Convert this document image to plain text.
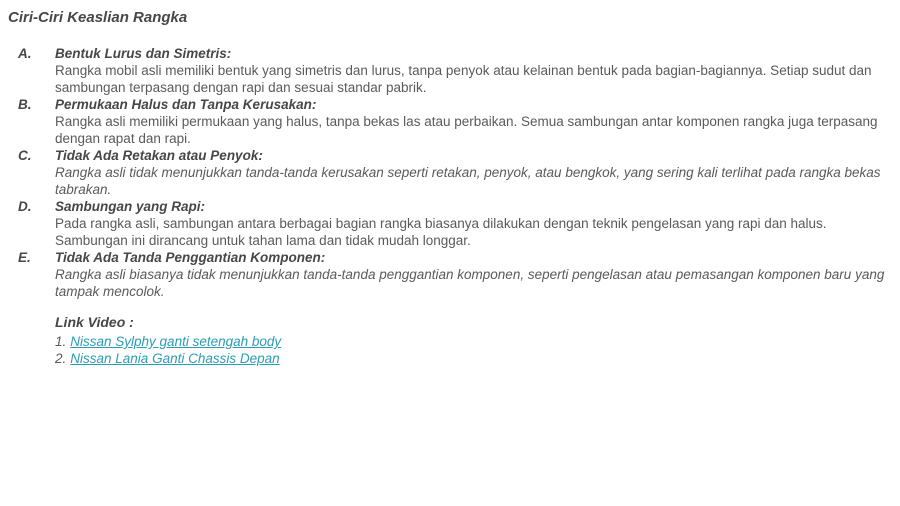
Ciri-Ciri Keaslian Rangka
A.	Bentuk Lurus dan Simetris:
Rangka mobil asli memiliki bentuk yang simetris dan lurus, tanpa penyok atau kelainan bentuk pada bagian-bagiannya. Setiap sudut dan sambungan terpasang dengan rapi dan sesuai standar pabrik.
B.	Permukaan Halus dan Tanpa Kerusakan:
Rangka asli memiliki permukaan yang halus, tanpa bekas las atau perbaikan. Semua sambungan antar komponen rangka juga terpasang dengan rapat dan rapi.
C.	Tidak Ada Retakan atau Penyok:
Rangka asli tidak menunjukkan tanda-tanda kerusakan seperti retakan, penyok, atau bengkok, yang sering kali terlihat pada rangka bekas tabrakan.
D.	Sambungan yang Rapi:
Pada rangka asli, sambungan antara berbagai bagian rangka biasanya dilakukan dengan teknik pengelasan yang rapi dan halus. Sambungan ini dirancang untuk tahan lama dan tidak mudah longgar.
E.	Tidak Ada Tanda Penggantian Komponen:
Rangka asli biasanya tidak menunjukkan tanda-tanda penggantian komponen, seperti pengelasan atau pemasangan komponen baru yang tampak mencolok.
Link Video :
1. Nissan Sylphy ganti setengah body
2. Nissan Lania Ganti Chassis Depan
